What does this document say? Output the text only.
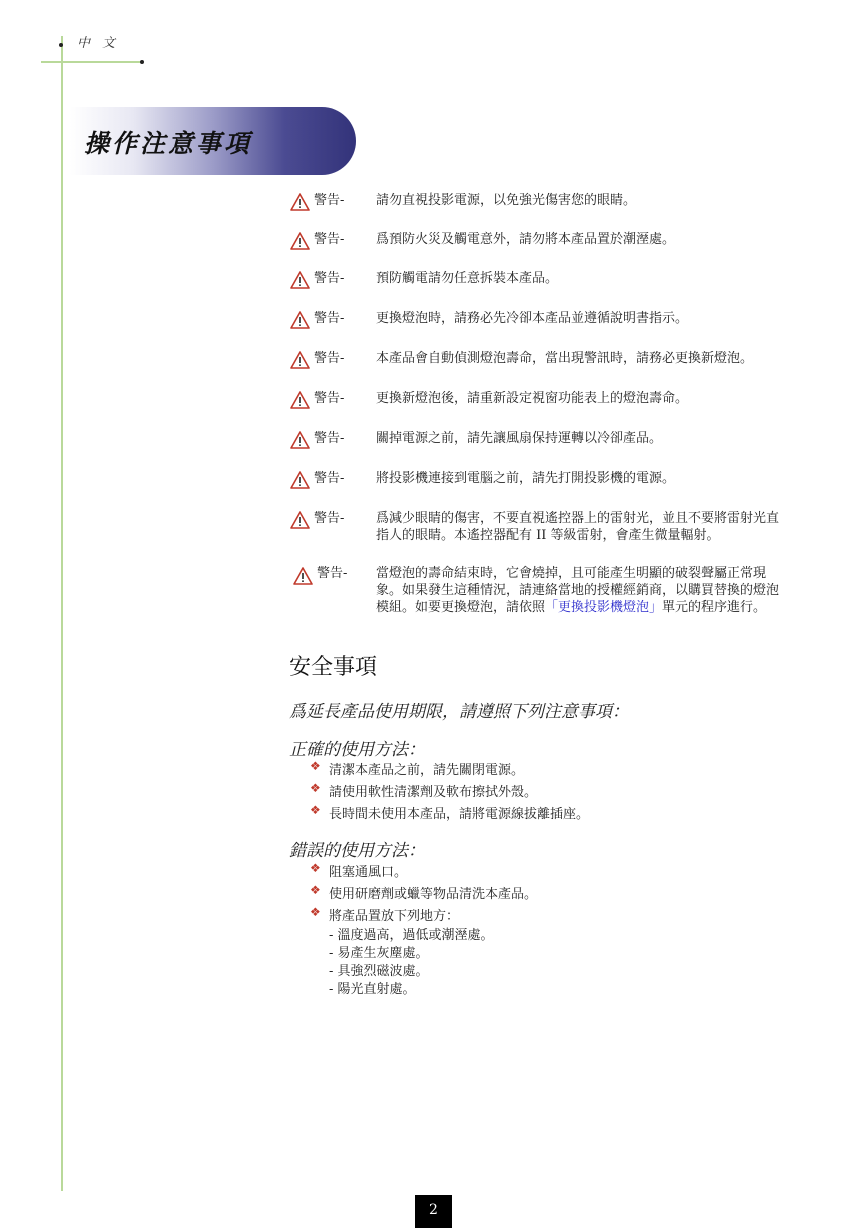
中文
操作注意事項
警告-	請勿直視投影電源，以免強光傷害您的眼睛。
警告-	爲預防火災及觸電意外，請勿將本產品置於潮溼處。
警告-	預防觸電請勿任意拆裝本產品。
警告-	更換燈泡時，請務必先冷卻本產品並遵循說明書指示。
警告-	本產品會自動偵測燈泡壽命，當出現警訊時，請務必更換新燈泡。
警告-	更換新燈泡後，請重新設定視窗功能表上的燈泡壽命。
警告-	關掉電源之前，請先讓風扇保持運轉以冷卻產品。
警告-	將投影機連接到電腦之前，請先打開投影機的電源。
警告-	爲減少眼睛的傷害，不要直視遙控器上的雷射光，並且不要將雷射光直指人的眼睛。本遙控器配有 II 等級雷射，會產生微量輻射。
警告-	當燈泡的壽命結束時，它會燒掉，且可能產生明顯的破裂聲屬正常現象。如果發生這種情況，請連絡當地的授權經銷商，以購買替換的燈泡模組。如要更換燈泡，請依照「更換投影機燈泡」單元的程序進行。
安全事項
爲延長產品使用期限，請遵照下列注意事項：
正確的使用方法：
❖ 清潔本產品之前，請先關閉電源。
❖ 請使用軟性清潔劑及軟布擦拭外殼。
❖ 長時間未使用本產品，請將電源線拔離插座。
錯誤的使用方法：
❖ 阻塞通風口。
❖ 使用研磨劑或蠟等物品清洗本產品。
❖ 將產品置放下列地方：
- 溫度過高，過低或潮溼處。
- 易產生灰塵處。
- 具強烈磁波處。
- 陽光直射處。
2
